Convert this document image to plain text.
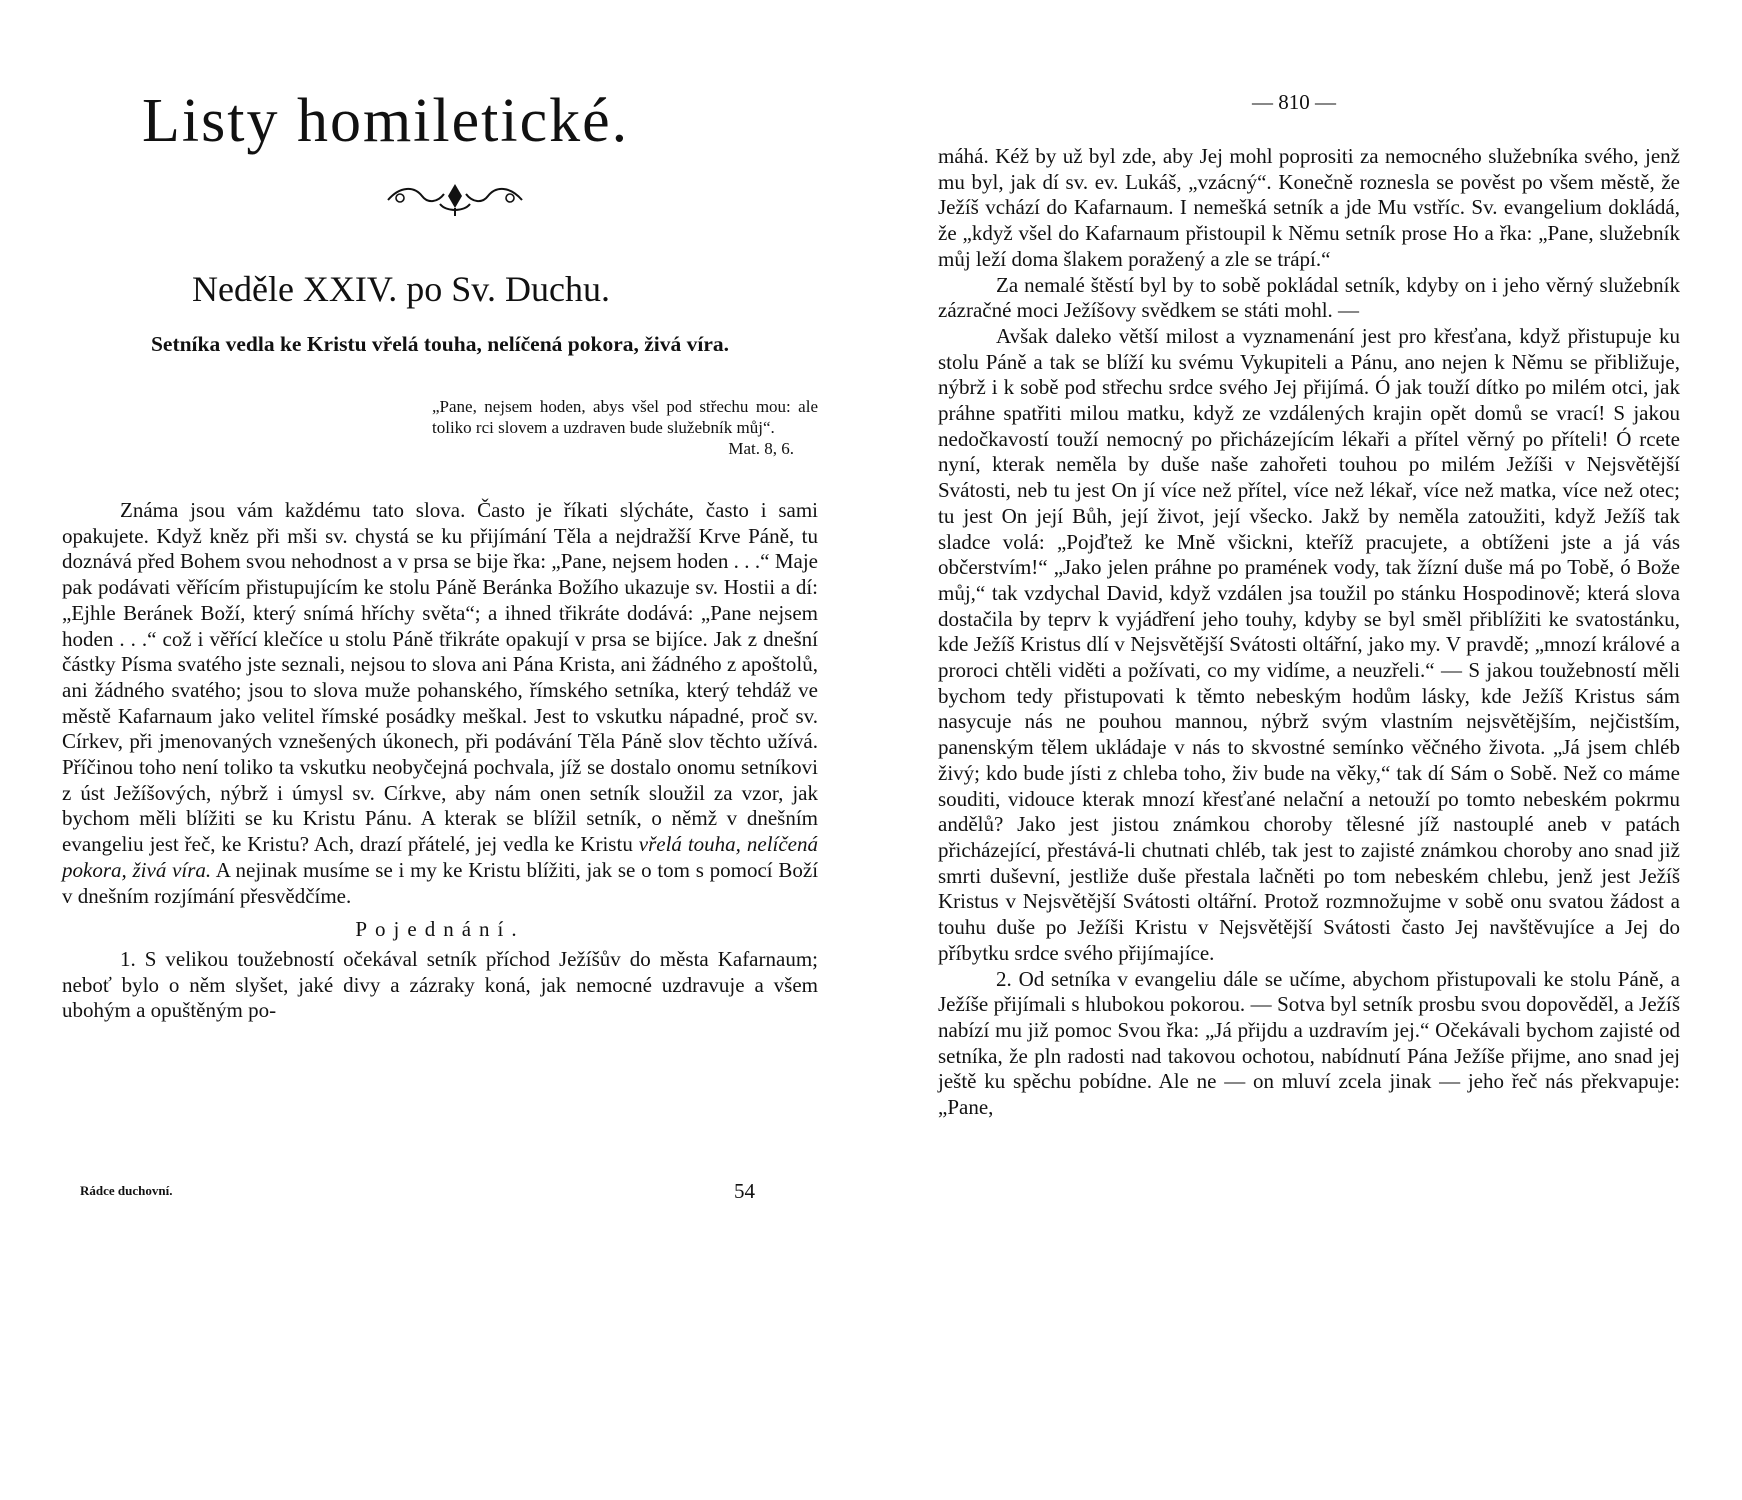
Listy homiletické.
Neděle XXIV. po Sv. Duchu.

Setníka vedla ke Kristu vřelá touha, nelíčená pokora, živá víra.

„Pane, nejsem hoden, abys všel pod střechu mou: ale toliko rci slovem a uzdraven bude služebník můj“.
Mat. 8, 6.

Známa jsou vám každému tato slova. Často je říkati slýcháte, často i sami opakujete. Když kněz při mši sv. chystá se ku přijímání Těla a nejdražší Krve Páně, tu doznává před Bohem svou nehodnost a v prsa se bije řka: „Pane, nejsem hoden . . .“ Maje pak podávati věřícím přistupujícím ke stolu Páně Beránka Božího ukazuje sv. Hostii a dí: „Ejhle Beránek Boží, který snímá hříchy světa“; a ihned třikráte dodává: „Pane nejsem hoden . . .“ což i věřící klečíce u stolu Páně třikráte opakují v prsa se bijíce. Jak z dnešní částky Písma svatého jste seznali, nejsou to slova ani Pána Krista, ani žádného z apoštolů, ani žádného svatého; jsou to slova muže pohanského, římského setníka, který tehdáž ve městě Kafarnaum jako velitel římské posádky meškal. Jest to vskutku nápadné, proč sv. Církev, při jmenovaných vznešených úkonech, při podávání Těla Páně slov těchto užívá. Příčinou toho není toliko ta vskutku neobyčejná pochvala, jíž se dostalo onomu setníkovi z úst Ježíšových, nýbrž i úmysl sv. Církve, aby nám onen setník sloužil za vzor, jak bychom měli blížiti se ku Kristu Pánu. A kterak se blížil setník, o němž v dnešním evangeliu jest řeč, ke Kristu? Ach, drazí přátelé, jej vedla ke Kristu vřelá touha, nelíčená pokora, živá víra. A nejinak musíme se i my ke Kristu blížiti, jak se o tom s pomocí Boží v dnešním rozjímání přesvědčíme.

Pojednání.

1. S velikou toužebností očekával setník příchod Ježíšův do města Kafarnaum; neboť bylo o něm slyšet, jaké divy a zázraky koná, jak nemocné uzdravuje a všem ubohým a opuštěným po-

Rádce duchovní.	54
— 810 —

máhá. Kéž by už byl zde, aby Jej mohl poprositi za nemocného služebníka svého, jenž mu byl, jak dí sv. ev. Lukáš, „vzácný“. Konečně roznesla se pověst po všem městě, že Ježíš vchází do Kafarnaum. I nemešká setník a jde Mu vstříc. Sv. evangelium dokládá, že „když všel do Kafarnaum přistoupil k Němu setník prose Ho a řka: „Pane, služebník můj leží doma šlakem poražený a zle se trápí.“

Za nemalé štěstí byl by to sobě pokládal setník, kdyby on i jeho věrný služebník zázračné moci Ježíšovy svědkem se státi mohl. —

Avšak daleko větší milost a vyznamenání jest pro křesťana, když přistupuje ku stolu Páně a tak se blíží ku svému Vykupiteli a Pánu, ano nejen k Němu se přibližuje, nýbrž i k sobě pod střechu srdce svého Jej přijímá. Ó jak touží dítko po milém otci, jak práhne spatřiti milou matku, když ze vzdálených krajin opět domů se vrací! S jakou nedočkavostí touží nemocný po přicházejícím lékaři a přítel věrný po příteli! Ó rcete nyní, kterak neměla by duše naše zahořeti touhou po milém Ježíši v Nejsvětější Svátosti, neb tu jest On jí více než přítel, více než lékař, více než matka, více než otec; tu jest On její Bůh, její život, její všecko. Jakž by neměla zatoužiti, když Ježíš tak sladce volá: „Pojďtež ke Mně všickni, kteříž pracujete, a obtíženi jste a já vás občerstvím!“ „Jako jelen práhne po pramének vody, tak žízní duše má po Tobě, ó Bože můj,“ tak vzdychal David, když vzdálen jsa toužil po stánku Hospodinově; která slova dostačila by teprv k vyjádření jeho touhy, kdyby se byl směl přiblížiti ke svatostánku, kde Ježíš Kristus dlí v Nejsvětější Svátosti oltářní, jako my. V pravdě; „mnozí králové a proroci chtěli viděti a požívati, co my vidíme, a neuzřeli.“ — S jakou toužebností měli bychom tedy přistupovati k těmto nebeským hodům lásky, kde Ježíš Kristus sám nasycuje nás ne pouhou mannou, nýbrž svým vlastním nejsvětějším, nejčistším, panenským tělem ukládaje v nás to skvostné semínko věčného života. „Já jsem chléb živý; kdo bude jísti z chleba toho, živ bude na věky,“ tak dí Sám o Sobě. Než co máme souditi, vidouce kterak mnozí křesťané nelační a netouží po tomto nebeském pokrmu andělů? Jako jest jistou známkou choroby tělesné jíž nastouplé aneb v patách přicházející, přestává-li chutnati chléb, tak jest to zajisté známkou choroby ano snad již smrti duševní, jestliže duše přestala lačněti po tom nebeském chlebu, jenž jest Ježíš Kristus v Nejsvětější Svátosti oltářní. Protož rozmnožujme v sobě onu svatou žádost a touhu duše po Ježíši Kristu v Nejsvětější Svátosti často Jej navštěvujíce a Jej do příbytku srdce svého přijímajíce.

2. Od setníka v evangeliu dále se učíme, abychom přistupovali ke stolu Páně, a Ježíše přijímali s hlubokou pokorou. — Sotva byl setník prosbu svou dopověděl, a Ježíš nabízí mu již pomoc Svou řka: „Já přijdu a uzdravím jej.“ Očekávali bychom zajisté od setníka, že pln radosti nad takovou ochotou, nabídnutí Pána Ježíše přijme, ano snad jej ještě ku spěchu pobídne. Ale ne — on mluví zcela jinak — jeho řeč nás překvapuje: „Pane,
